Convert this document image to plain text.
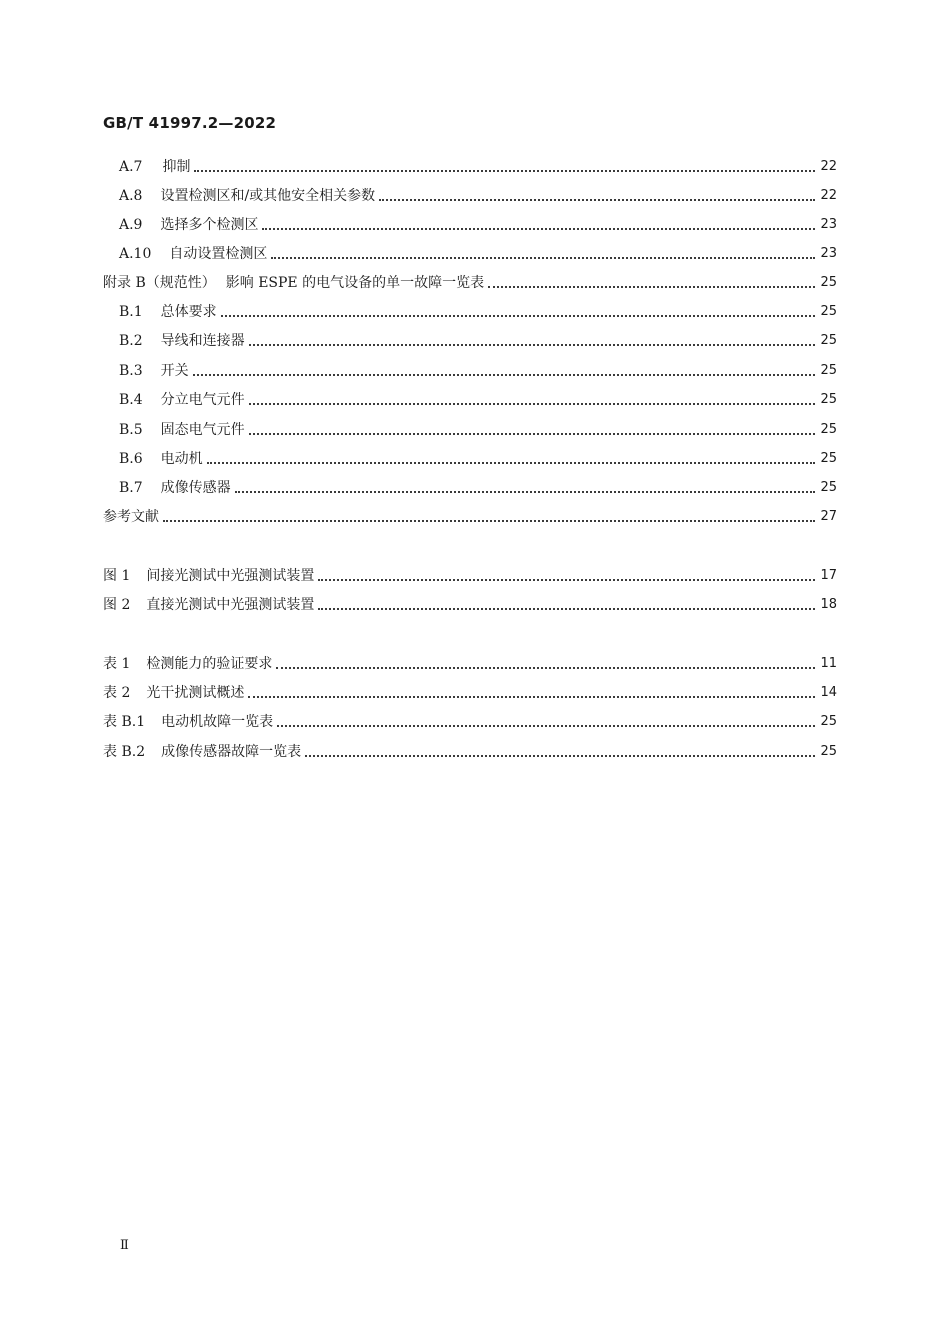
GB/T 41997.2—2022
A.7 抑制	22
A.8 设置检测区和/或其他安全相关参数	22
A.9 选择多个检测区	23
A.10 自动设置检测区	23
附录 B（规范性） 影响 ESPE 的电气设备的单一故障一览表	25
B.1 总体要求	25
B.2 导线和连接器	25
B.3 开关	25
B.4 分立电气元件	25
B.5 固态电气元件	25
B.6 电动机	25
B.7 成像传感器	25
参考文献	27
图 1 间接光测试中光强测试装置	17
图 2 直接光测试中光强测试装置	18
表 1 检测能力的验证要求	11
表 2 光干扰测试概述	14
表 B.1 电动机故障一览表	25
表 B.2 成像传感器故障一览表	25
Ⅱ
